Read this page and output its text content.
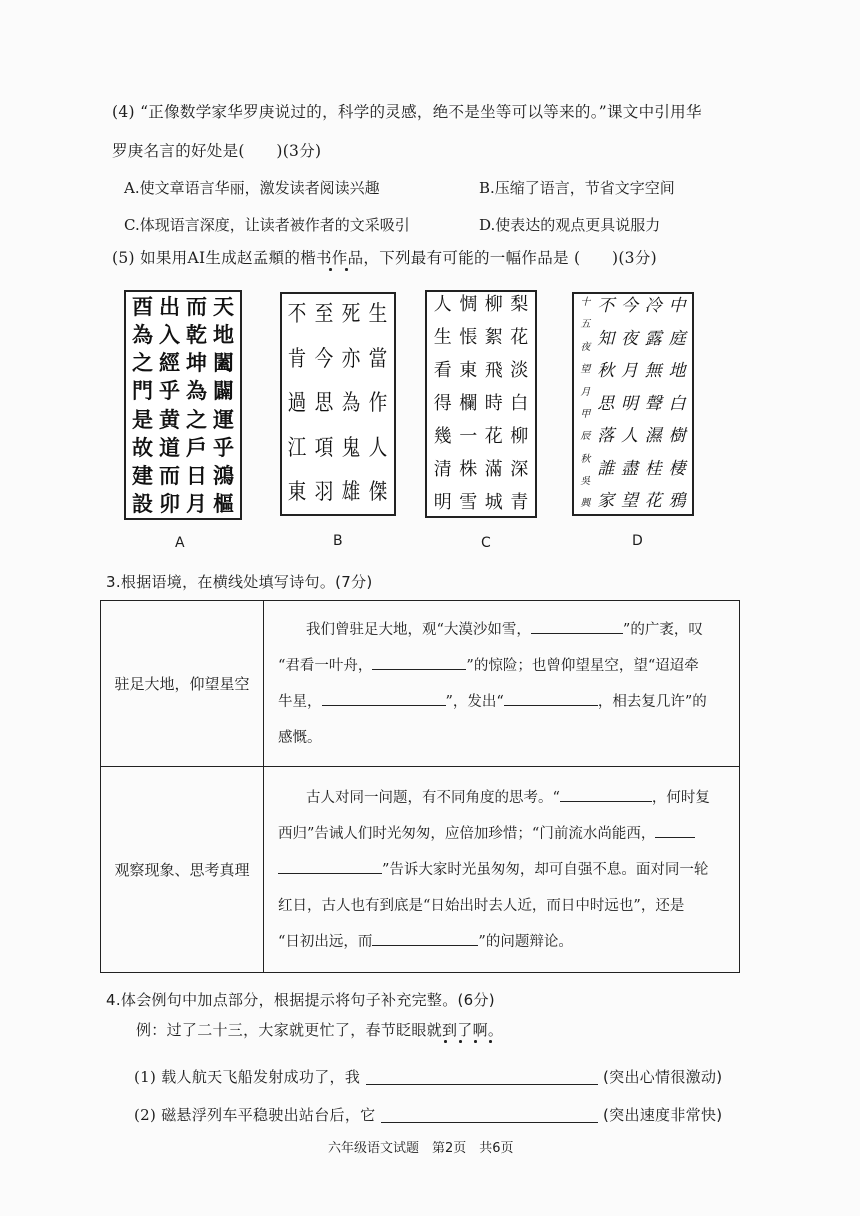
(4) “正像数学家华罗庚说过的，科学的灵感，绝不是坐等可以等来的。”课文中引用华
罗庚名言的好处是(　　)(3分)
A.使文章语言华丽，激发读者阅读兴趣	B.压缩了语言，节省文字空间
C.体现语言深度，让读者被作者的文采吸引	D.使表达的观点更具说服力
(5) 如果用AI生成赵孟頫的楷书作品，下列最有可能的一幅作品是 (　　)(3分)
天
地
闔
闢
運
乎
鴻
樞
而
乾
坤
為
之
戶
日
月
出
入
經
乎
黄
道
而
卯
酉
為
之
門
是
故
建
設
A
生
當
作
人
傑
死
亦
為
鬼
雄
至
今
思
項
羽
不
肯
過
江
東
B
梨
花
淡
白
柳
深
青
柳
絮
飛
時
花
滿
城
惆
悵
東
欄
一
株
雪
人
生
看
得
幾
清
明
C
中
庭
地
白
樹
棲
鴉
冷
露
無
聲
濕
桂
花
今
夜
月
明
人
盡
望
不
知
秋
思
落
誰
家
十
五
夜
望
月
甲
辰
秋
吳
興
D
3.根据语境，在横线处填写诗句。(7分)
驻足大地，仰望星空	我们曾驻足大地，观“大漠沙如雪， ”的广袤，叹
“君看一叶舟， ”的惊险；也曾仰望星空，望“迢迢牵
牛星， ”，发出“ ，相去复几许”的
感慨。
观察现象、思考真理	古人对同一问题，有不同角度的思考。“ ，何时复
西归”告诫人们时光匆匆，应倍加珍惜；“门前流水尚能西，
”告诉大家时光虽匆匆，却可自强不息。面对同一轮
红日，古人也有到底是“日始出时去人近，而日中时远也”，还是
“日初出远，而 ”的问题辩论。
4.体会例句中加点部分，根据提示将句子补充完整。(6分)
例：过了二十三，大家就更忙了，春节眨眼就到了啊。
(1) 载人航天飞船发射成功了，我	(突出心情很激动)
(2) 磁悬浮列车平稳驶出站台后，它	(突出速度非常快)
六年级语文试题　第2页　共6页
